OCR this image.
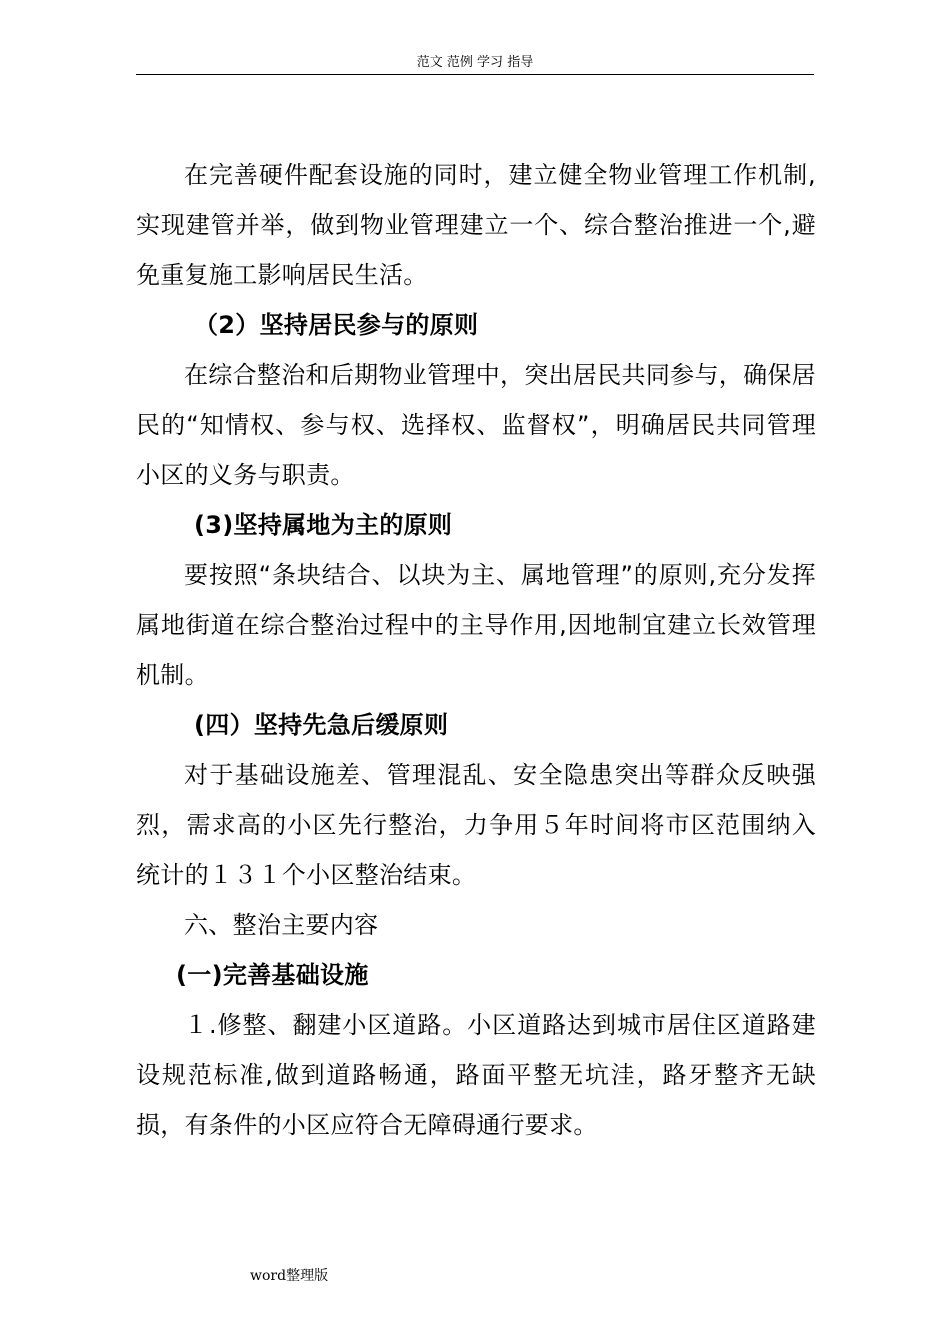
范文 范例 学习 指导

在完善硬件配套设施的同时，建立健全物业管理工作机制,实现建管并举，做到物业管理建立一个、综合整治推进一个,避免重复施工影响居民生活。

（2）坚持居民参与的原则

在综合整治和后期物业管理中，突出居民共同参与，确保居民的“知情权、参与权、选择权、监督权”，明确居民共同管理小区的义务与职责。

(3)坚持属地为主的原则

要按照“条块结合、以块为主、属地管理”的原则,充分发挥属地街道在综合整治过程中的主导作用,因地制宜建立长效管理机制。

(四）坚持先急后缓原则

对于基础设施差、管理混乱、安全隐患突出等群众反映强烈，需求高的小区先行整治，力争用５年时间将市区范围纳入统计的１３１个小区整治结束。

六、整治主要内容

(一)完善基础设施

１.修整、翻建小区道路。小区道路达到城市居住区道路建设规范标准,做到道路畅通，路面平整无坑洼，路牙整齐无缺损，有条件的小区应符合无障碍通行要求。

word整理版
